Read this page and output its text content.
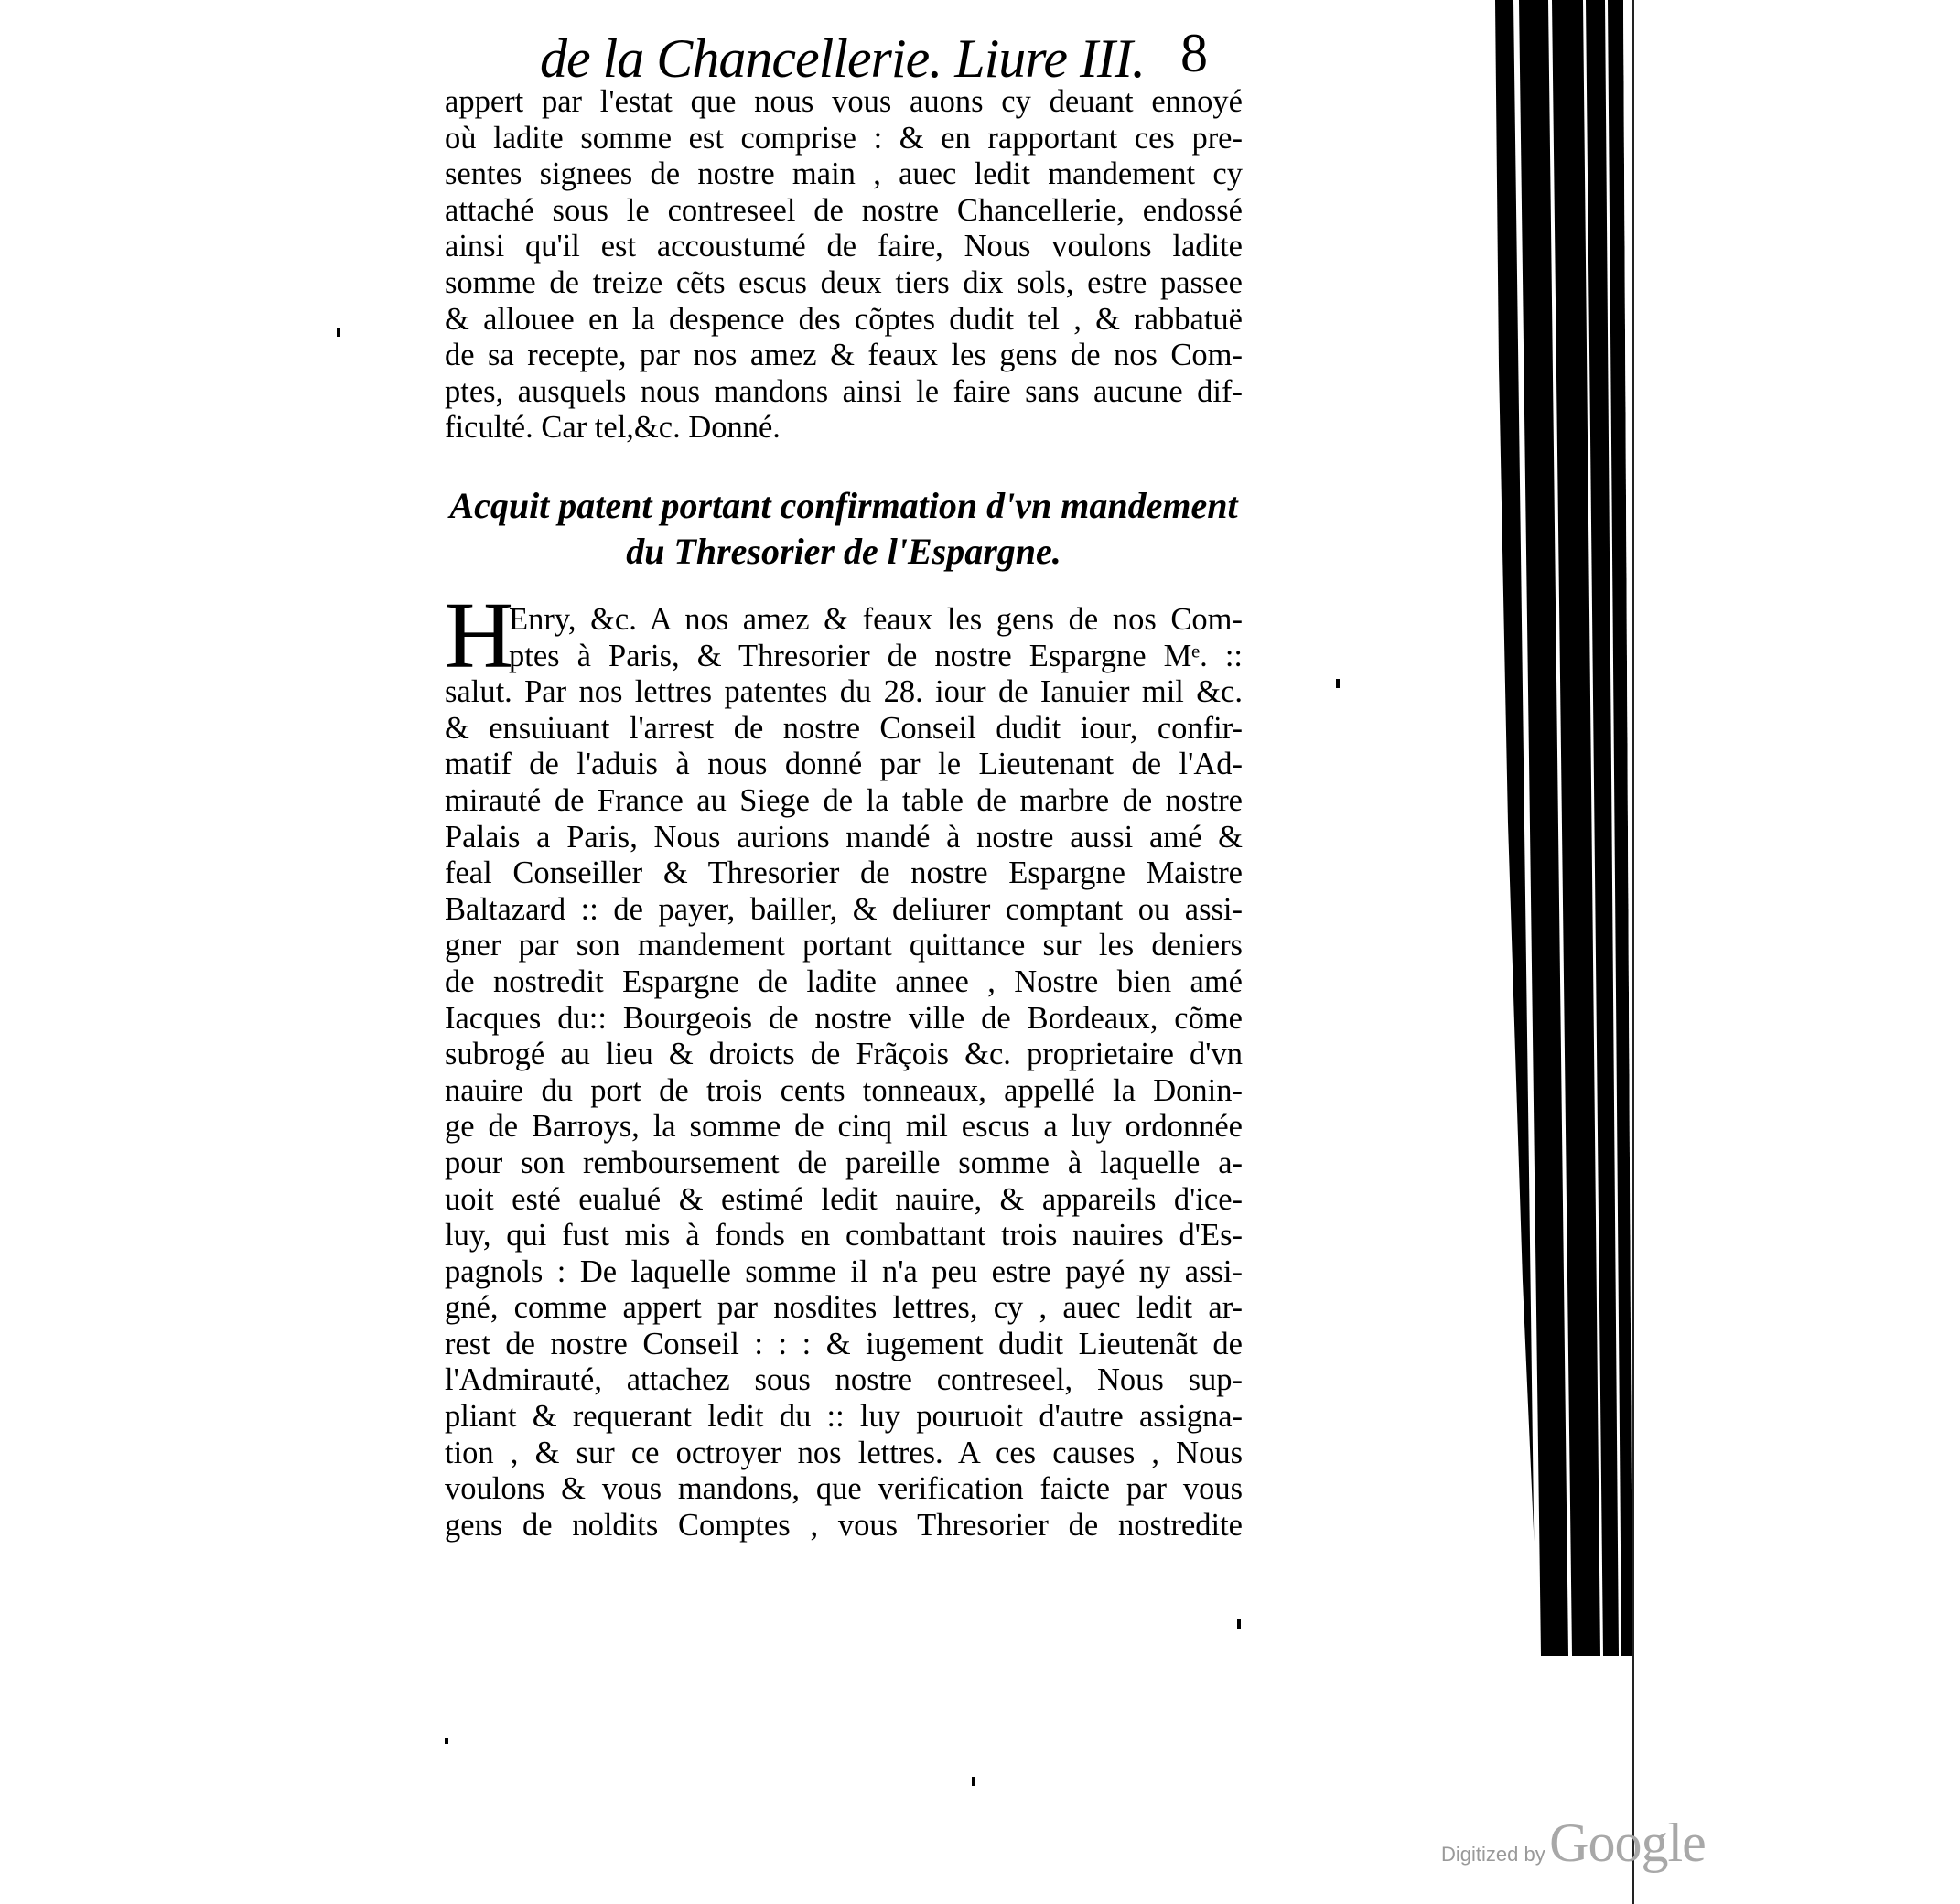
de la Chancellerie. Liure III. 8
appert par l'estat que nous vous auons cy deuant ennoyé
où ladite somme est comprise : & en rapportant ces pre-
sentes signees de nostre main , auec ledit mandement cy
attaché sous le contreseel de nostre Chancellerie, endossé
ainsi qu'il est accoustumé de faire, Nous voulons ladite
somme de treize cẽts escus deux tiers dix sols, estre passee
& allouee en la despence des cõptes dudit tel , & rabbatuë
de sa recepte, par nos amez & feaux les gens de nos Com-
ptes, ausquels nous mandons ainsi le faire sans aucune dif-
ficulté. Car tel,&c. Donné.
Acquit patent portant confirmation d'vn mandement
du Thresorier de l'Espargne.
H
Enry, &c. A nos amez & feaux les gens de nos Com-
ptes à Paris, & Thresorier de nostre Espargne Mᵉ. ::
salut. Par nos lettres patentes du 28. iour de Ianuier mil &c.
& ensuiuant l'arrest de nostre Conseil dudit iour, confir-
matif de l'aduis à nous donné par le Lieutenant de l'Ad-
mirauté de France au Siege de la table de marbre de nostre
Palais a Paris, Nous aurions mandé à nostre aussi amé &
feal Conseiller & Thresorier de nostre Espargne Maistre
Baltazard :: de payer, bailler, & deliurer comptant ou assi-
gner par son mandement portant quittance sur les deniers
de nostredit Espargne de ladite annee , Nostre bien amé
Iacques du:: Bourgeois de nostre ville de Bordeaux, cõme
subrogé au lieu & droicts de Frãçois &c. proprietaire d'vn
nauire du port de trois cents tonneaux, appellé la Donin-
ge de Barroys, la somme de cinq mil escus a luy ordonnée
pour son remboursement de pareille somme à laquelle a-
uoit esté eualué & estimé ledit nauire, & appareils d'ice-
luy, qui fust mis à fonds en combattant trois nauires d'Es-
pagnols : De laquelle somme il n'a peu estre payé ny assi-
gné, comme appert par nosdites lettres, cy , auec ledit ar-
rest de nostre Conseil : : : & iugement dudit Lieutenãt de
l'Admirauté, attachez sous nostre contreseel, Nous sup-
pliant & requerant ledit du :: luy pouruoit d'autre assigna-
tion , & sur ce octroyer nos lettres. A ces causes , Nous
voulons & vous mandons, que verification faicte par vous
gens de noldits Comptes , vous Thresorier de nostredite
Digitized by Google
